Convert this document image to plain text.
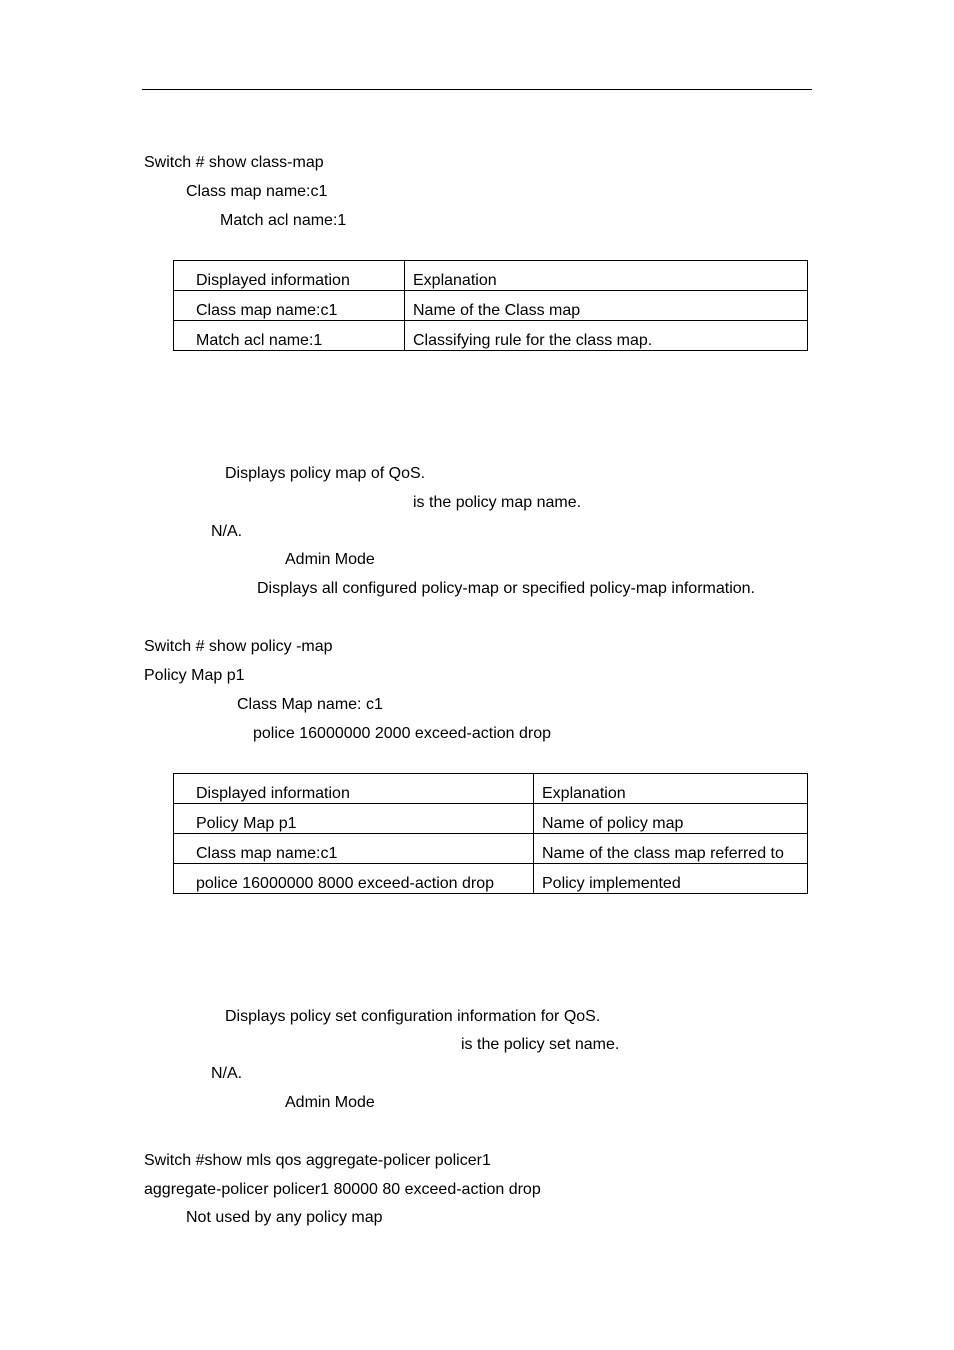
Switch # show class-map
Class map name:c1
Match acl name:1
Displayed information	Explanation
Class map name:c1	Name of the Class map
Match acl name:1	Classifying rule for the class map.
Displays policy map of QoS.
is the policy map name.
N/A.
Admin Mode
Displays all configured policy-map or specified policy-map information.
Switch # show policy -map
Policy Map p1
Class Map name: c1
police 16000000 2000 exceed-action drop
Displayed information	Explanation
Policy Map p1	Name of policy map
Class map name:c1	Name of the class map referred to
police 16000000 8000 exceed-action drop	Policy implemented
Displays policy set configuration information for QoS.
is the policy set name.
N/A.
Admin Mode
Switch #show mls qos aggregate-policer policer1
aggregate-policer policer1 80000 80 exceed-action drop
Not used by any policy map
